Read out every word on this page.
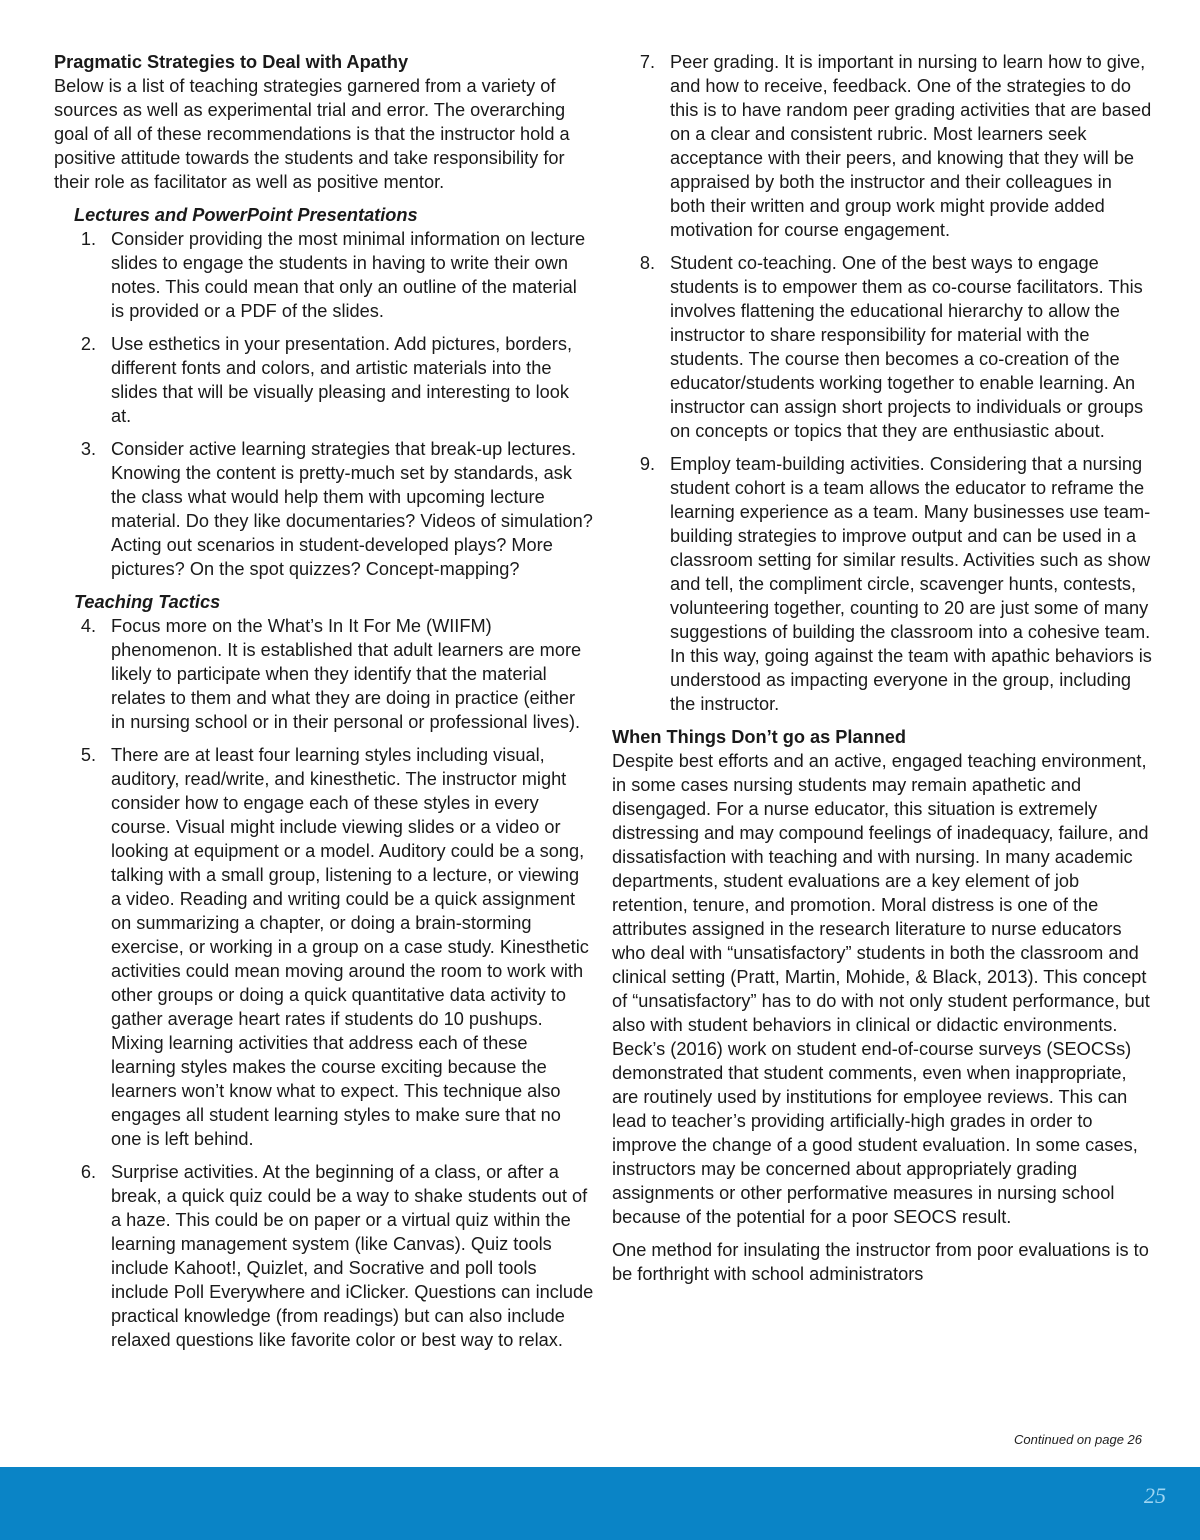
Pragmatic Strategies to Deal with Apathy

Below is a list of teaching strategies garnered from a variety of sources as well as experimental trial and error. The overarching goal of all of these recommendations is that the instructor hold a positive attitude towards the students and take responsibility for their role as facilitator as well as positive mentor.

Lectures and PowerPoint Presentations
1. Consider providing the most minimal information on lecture slides to engage the students in having to write their own notes. This could mean that only an outline of the material is provided or a PDF of the slides.
2. Use esthetics in your presentation. Add pictures, borders, different fonts and colors, and artistic materials into the slides that will be visually pleasing and interesting to look at.
3. Consider active learning strategies that break-up lectures. Knowing the content is pretty-much set by standards, ask the class what would help them with upcoming lecture material. Do they like documentaries? Videos of simulation? Acting out scenarios in student-developed plays? More pictures? On the spot quizzes? Concept-mapping?
Teaching Tactics
4. Focus more on the What’s In It For Me (WIIFM) phenomenon. It is established that adult learners are more likely to participate when they identify that the material relates to them and what they are doing in practice (either in nursing school or in their personal or professional lives).
5. There are at least four learning styles including visual, auditory, read/write, and kinesthetic. The instructor might consider how to engage each of these styles in every course. Visual might include viewing slides or a video or looking at equipment or a model. Auditory could be a song, talking with a small group, listening to a lecture, or viewing a video. Reading and writing could be a quick assignment on summarizing a chapter, or doing a brain-storming exercise, or working in a group on a case study. Kinesthetic activities could mean moving around the room to work with other groups or doing a quick quantitative data activity to gather average heart rates if students do 10 pushups. Mixing learning activities that address each of these learning styles makes the course exciting because the learners won’t know what to expect. This technique also engages all student learning styles to make sure that no one is left behind.
6. Surprise activities. At the beginning of a class, or after a break, a quick quiz could be a way to shake students out of a haze. This could be on paper or a virtual quiz within the learning management system (like Canvas). Quiz tools include Kahoot!, Quizlet, and Socrative and poll tools include Poll Everywhere and iClicker. Questions can include practical knowledge (from readings) but can also include relaxed questions like favorite color or best way to relax.
7. Peer grading. It is important in nursing to learn how to give, and how to receive, feedback. One of the strategies to do this is to have random peer grading activities that are based on a clear and consistent rubric. Most learners seek acceptance with their peers, and knowing that they will be appraised by both the instructor and their colleagues in both their written and group work might provide added motivation for course engagement.
8. Student co-teaching. One of the best ways to engage students is to empower them as co-course facilitators. This involves flattening the educational hierarchy to allow the instructor to share responsibility for material with the students. The course then becomes a co-creation of the educator/students working together to enable learning. An instructor can assign short projects to individuals or groups on concepts or topics that they are enthusiastic about.
9. Employ team-building activities. Considering that a nursing student cohort is a team allows the educator to reframe the learning experience as a team. Many businesses use team-building strategies to improve output and can be used in a classroom setting for similar results. Activities such as show and tell, the compliment circle, scavenger hunts, contests, volunteering together, counting to 20 are just some of many suggestions of building the classroom into a cohesive team. In this way, going against the team with apathic behaviors is understood as impacting everyone in the group, including the instructor.
When Things Don’t go as Planned

Despite best efforts and an active, engaged teaching environment, in some cases nursing students may remain apathetic and disengaged. For a nurse educator, this situation is extremely distressing and may compound feelings of inadequacy, failure, and dissatisfaction with teaching and with nursing. In many academic departments, student evaluations are a key element of job retention, tenure, and promotion. Moral distress is one of the attributes assigned in the research literature to nurse educators who deal with “unsatisfactory” students in both the classroom and clinical setting (Pratt, Martin, Mohide, & Black, 2013). This concept of “unsatisfactory” has to do with not only student performance, but also with student behaviors in clinical or didactic environments. Beck’s (2016) work on student end-of-course surveys (SEOCSs) demonstrated that student comments, even when inappropriate, are routinely used by institutions for employee reviews. This can lead to teacher’s providing artificially-high grades in order to improve the change of a good student evaluation. In some cases, instructors may be concerned about appropriately grading assignments or other performative measures in nursing school because of the potential for a poor SEOCS result.

One method for insulating the instructor from poor evaluations is to be forthright with school administrators

Continued on page 26
25
